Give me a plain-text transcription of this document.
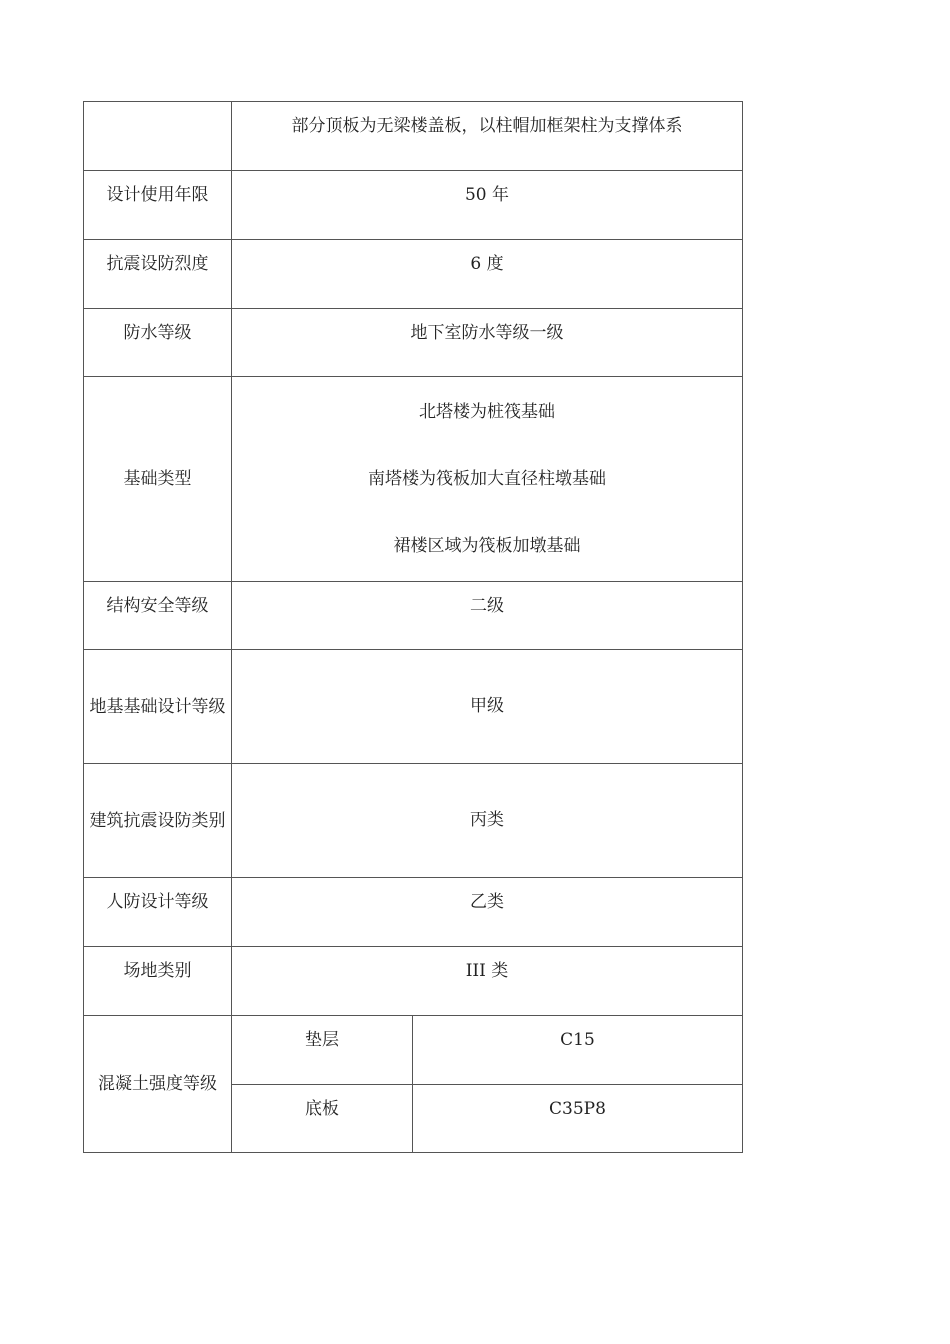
	部分顶板为无梁楼盖板，以柱帽加框架柱为支撑体系	
设计使用年限	50 年	
抗震设防烈度	6 度	
防水等级	地下室防水等级一级	
基础类型	北塔楼为桩筏基础

南塔楼为筏板加大直径柱墩基础

裙楼区域为筏板加墩基础	

结构安全等级	二级	
地基基础设计等级	甲级	
建筑抗震设防类别	丙类	
人防设计等级	乙类	
场地类别	III 类	
混凝土强度等级	垫层	C15
	底板	C35P8
